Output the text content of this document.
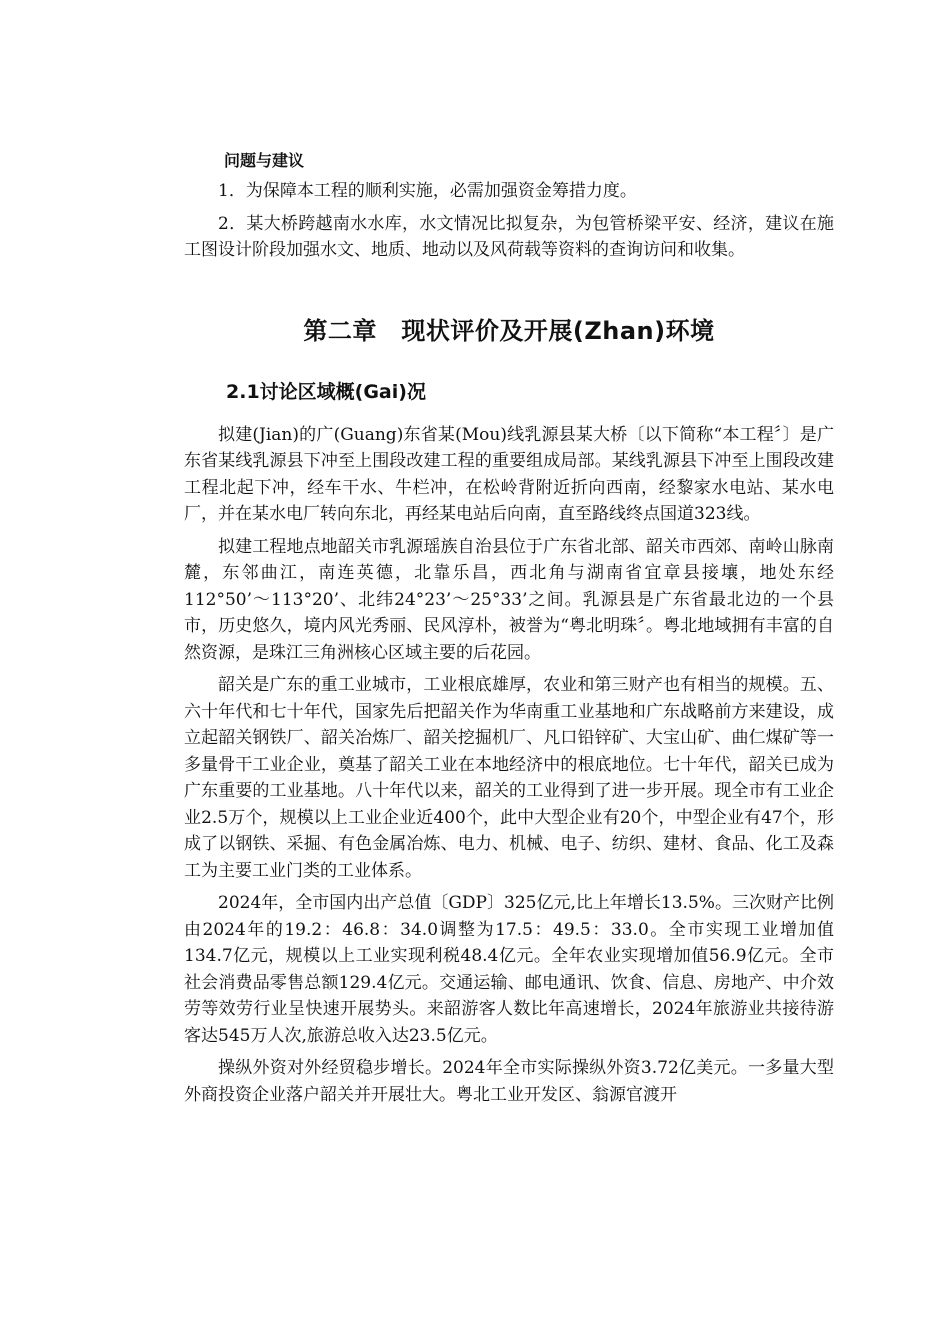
问题与建议

1．为保障本工程的顺利实施，必需加强资金筹措力度。

2．某大桥跨越南水水库，水文情况比拟复杂，为包管桥梁平安、经济，建议在施工图设计阶段加强水文、地质、地动以及风荷载等资料的查询访问和收集。

第二章　现状评价及开展(Zhan)环境
2.1讨论区域概(Gai)况

拟建(Jian)的广(Guang)东省某(Mou)线乳源县某大桥〔以下简称“本工程〞〕是广东省某线乳源县下冲至上围段改建工程的重要组成局部。某线乳源县下冲至上围段改建工程北起下冲，经车干水、牛栏冲，在松岭背附近折向西南，经黎家水电站、某水电厂，并在某水电厂转向东北，再经某电站后向南，直至路线终点国道323线。

拟建工程地点地韶关市乳源瑶族自治县位于广东省北部、韶关市西郊、南岭山脉南麓，东邻曲江，南连英德，北靠乐昌，西北角与湖南省宜章县接壤，地处东经112°50’～113°20’、北纬24°23’～25°33’之间。乳源县是广东省最北边的一个县市，历史悠久，境内风光秀丽、民风淳朴，被誉为“粤北明珠〞。粤北地域拥有丰富的自然资源，是珠江三角洲核心区域主要的后花园。

韶关是广东的重工业城市，工业根底雄厚，农业和第三财产也有相当的规模。五、六十年代和七十年代，国家先后把韶关作为华南重工业基地和广东战略前方来建设，成立起韶关钢铁厂、韶关冶炼厂、韶关挖掘机厂、凡口铅锌矿、大宝山矿、曲仁煤矿等一多量骨干工业企业，奠基了韶关工业在本地经济中的根底地位。七十年代，韶关已成为广东重要的工业基地。八十年代以来，韶关的工业得到了进一步开展。现全市有工业企业2.5万个，规模以上工业企业近400个，此中大型企业有20个，中型企业有47个，形成了以钢铁、采掘、有色金属冶炼、电力、机械、电子、纺织、建材、食品、化工及森工为主要工业门类的工业体系。

2024年，全市国内出产总值〔GDP〕325亿元,比上年增长13.5%。三次财产比例由2024年的19.2：46.8：34.0调整为17.5：49.5：33.0。全市实现工业增加值134.7亿元，规模以上工业实现利税48.4亿元。全年农业实现增加值56.9亿元。全市社会消费品零售总额129.4亿元。交通运输、邮电通讯、饮食、信息、房地产、中介效劳等效劳行业呈快速开展势头。来韶游客人数比年高速增长，2024年旅游业共接待游客达545万人次,旅游总收入达23.5亿元。

操纵外资对外经贸稳步增长。2024年全市实际操纵外资3.72亿美元。一多量大型外商投资企业落户韶关并开展壮大。粤北工业开发区、翁源官渡开
